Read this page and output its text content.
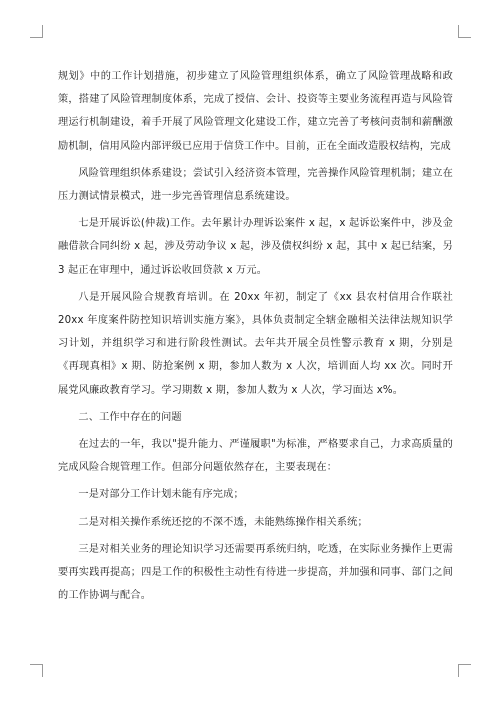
规划》中的工作计划措施，初步建立了风险管理组织体系，确立了风险管理战略和政策，搭建了风险管理制度体系，完成了授信、会计、投资等主要业务流程再造与风险管理运行机制建设，着手开展了风险管理文化建设工作，建立完善了考核问责制和薪酬激励机制，信用风险内部评级已应用于信贷工作中。目前，正在全面改造股权结构，完成

风险管理组织体系建设；尝试引入经济资本管理，完善操作风险管理机制；建立在压力测试情景模式，进一步完善管理信息系统建设。

七是开展诉讼(仲裁)工作。去年累计办理诉讼案件 x 起，x 起诉讼案件中，涉及金融借款合同纠纷 x 起，涉及劳动争议 x 起，涉及债权纠纷 x 起，其中 x 起已结案，另 3 起正在审理中，通过诉讼收回贷款 x 万元。

八是开展风险合规教育培训。在 20xx 年初，制定了《xx 县农村信用合作联社 20xx 年度案件防控知识培训实施方案》，具体负责制定全辖金融相关法律法规知识学习计划，并组织学习和进行阶段性测试。去年共开展全员性警示教育 x 期，分别是《再现真相》x 期、防抢案例 x 期，参加人数为 x 人次，培训面人均 xx 次。同时开展党风廉政教育学习。学习期数 x 期，参加人数为 x 人次，学习面达 x%。

二、工作中存在的问题

在过去的一年，我以"提升能力、严谨履职"为标准，严格要求自己，力求高质量的完成风险合规管理工作。但部分问题依然存在，主要表现在：

一是对部分工作计划未能有序完成；

二是对相关操作系统还挖的不深不透，未能熟练操作相关系统；

三是对相关业务的理论知识学习还需要再系统归纳，吃透，在实际业务操作上更需要再实践再提高；四是工作的积极性主动性有待进一步提高，并加强和同事、部门之间的工作协调与配合。
